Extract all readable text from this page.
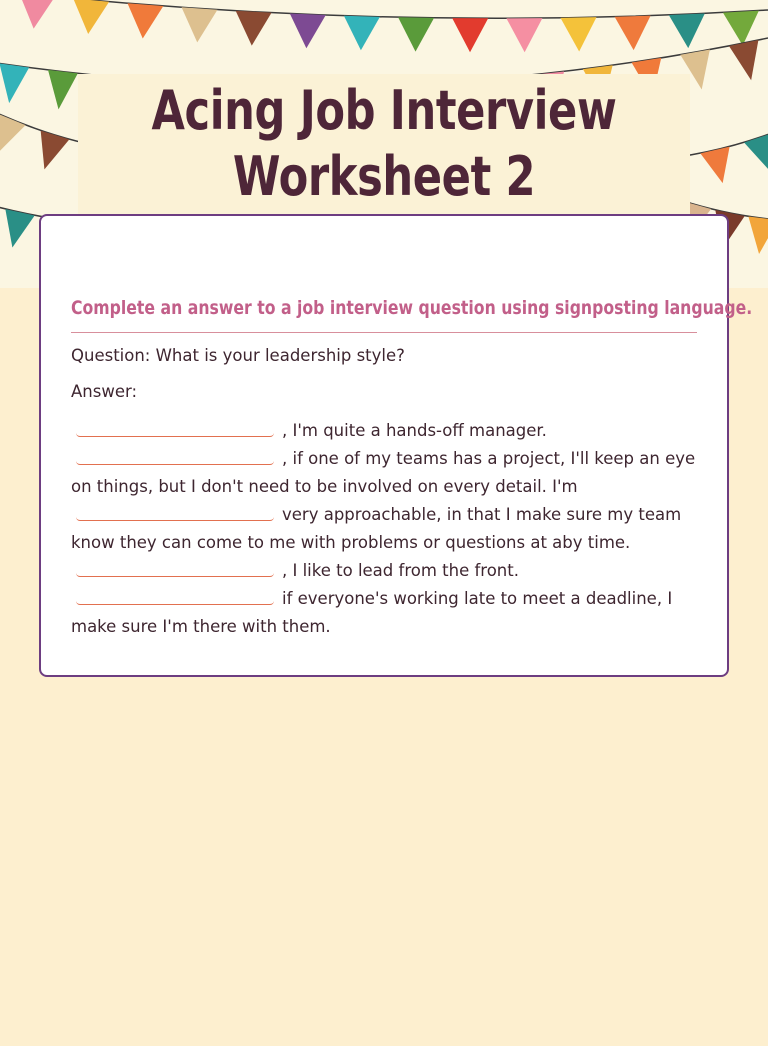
Acing Job Interview
Worksheet 2

Complete an answer to a job interview question using signposting language.

Question: What is your leadership style?

Answer:

, I'm quite a hands-off manager.
, if one of my teams has a project, I'll keep an eye on things, but I don't need to be involved on every detail. I'm
very approachable, in that I make sure my team know they can come to me with problems or questions at aby time.
, I like to lead from the front.
if everyone's working late to meet a deadline, I make sure I'm there with them.
